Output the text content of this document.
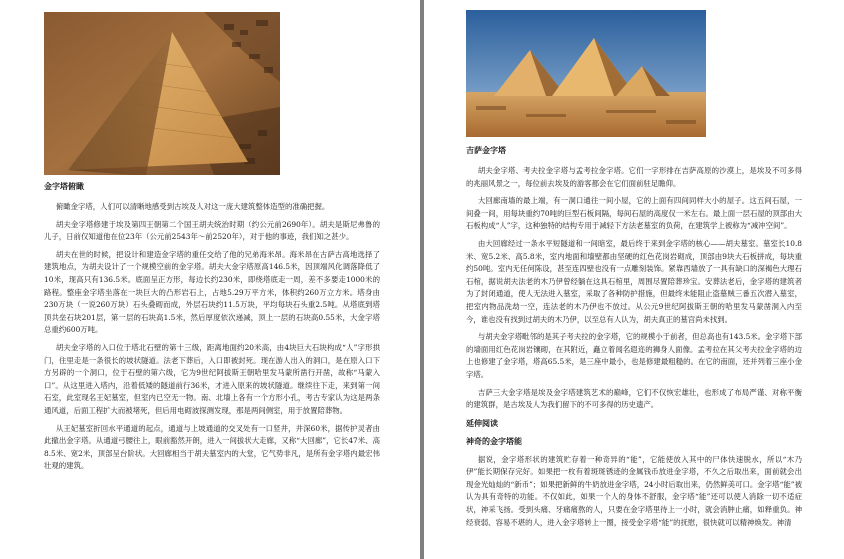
金字塔俯瞰

俯瞰金字塔，人们可以清晰地感受到古埃及人对这一庞大建筑整体造型的准确把握。

胡夫金字塔修建于埃及第四王朝第二个国王胡夫统治时期（约公元前2690年）。胡夫是斯尼弗鲁的儿子，日前仅知道他在位23年（公元前2543年～前2520年），对于他的事迹，我们知之甚少。

胡夫在世的时候，把设计和建造金字塔的重任交给了他的兄弟海米昂。海米昂在古萨古高地选择了建筑地点，为胡夫设计了一个规模空前的金字塔。胡夫大金字塔原高146.5米，因顶端风化调落降低了10米，现高只有136.5米。底面呈正方形，每边长约230米，即绕塔底走一周，差不多要走1000米的路程。整座金字塔坐落在一块巨大的凸形岩石上，占地5.29万平方米，体积约260万立方米。塔身由230万块（一说260万块）石头叠砌而成，外层石块约11.5万块，平均每块石头重2.5吨。从塔底到塔顶共垒石块201层，第一层的石块高1.5米，然后厚度依次递减，顶上一层的石块高0.55米，大金字塔总重约600万吨。

胡夫金字塔的入口位于塔北石壁的第十三级，距离地面约20米高，由4块巨大石块构成“人”字形拱门，住里走是一条很长的坡状隧道。法老下葬后，入口即被封死。现在游人出入的洞口，是在原入口下方另辟的一个洞口，位于石壁的第六级，它为9世纪阿拔斯王朝哈里发马蒙所凿行开凿，故称“马蒙入口”。从这里进入塔内，沿着低矮的隧道前行36米，才进入原来的坡状隧道。继续往下走，来到第一间石室，此室现名王妃墓室，但室内已空无一物。南、北墙上各有一个方形小孔，考古专家认为这是两条通风道，后面工程扩大而被堵死，但后用电砌波探测发现，那是两间侧室，用于放置陪葬物。

从王妃墓室折回水平通道的起点，通道与上坡通道的交叉处有一口竖井，井深60米，据传护灵者由此撤出金字塔。从通道弓腰往上，眼前豁然开朗，进入一间拔状大走廊，又称“大回廊”，它长47米、高8.5米、宽2米，顶部呈台阶状。大回廊相当于胡夫墓室内的大堂，它气势非凡，是所有金字塔内最宏伟壮观的建筑。

吉萨金字塔

胡夫金字塔、考夫拉金字塔与孟考拉金字塔。它们一字形排在吉萨高原的沙漠上，是埃及不可多得的兆丽风景之一，每位前去埃及的游客都会在它们面前驻足瞻仰。

大回廊南墙的最上端，有一洞口通往一间小屋，它的上面有四间同样大小的屋子。这五间石屋，一间叠一间，用每块重约70吨的巨型石板间隔，每间石屋的高度仅一米左右。最上面一层石屋的顶部由大石板构成“人”字，这种独特的结构专用于减轻下方法老墓室的负荷，在建筑学上被称为“减冲空间”。

由大回廊经过一条水平短隧道和一间暗室，最后终于来到金字塔的核心——胡夫墓室。墓室长10.8米、宽5.2米、高5.8米，室内地面和墙壁都由坚硬的红色花岗岩砌成，顶部由9块大石板拼成，每块重约50吨。室内无任何陈设，甚至连四壁也没有一点雕刻装饰。紧靠西墙放了一具有缺口的深褐色大理石石棺，据说胡夫法老的木乃伊曾经躺在这具石棺里，周围尽置陪葬珍宝。安葬法老后，金字塔的建筑者为了封闭通道，使人无法进入墓室，采取了各种防护措施，但最终未能阻止盗墓贼三番五次潜入墓室，把室内物品洗劫一空，连法老的木乃伊也不放过。从公元9世纪阿拔斯王朝的哈里发马蒙凿洞入内至今，谁也没有找到过胡夫的木乃伊，以至总有人认为，胡夫真正的墓宫尚未找到。

与胡夫金字塔毗邻的是其子考夫拉的金字塔，它的规模小于前者，但总高也有143.5米。金字塔下部的墙面用红色花岗岩镶砌，在其附近，矗立着闻名遐迩的狮身人面像。孟考拉在其父考夫拉金字塔的边上也修建了金字塔，塔高65.5米，是三座中最小，也是修建最粗糙的。在它的南面，还并列着三座小金字塔。

吉萨三大金字塔是埃及金字塔建筑艺术的巅峰，它们不仅恢宏雄壮，也形成了布局严谨、对称平衡的建筑群，是古埃及人为我们留下的不可多得的历史遗产。

延伸阅读
神奇的金字塔能

据说，金字塔形状的建筑贮存着一种奇异的“能”，它能使放入其中的尸体快速脱水，所以“木乃伊”能长期保存完好。如果把一枚有着斑斑锈迹的金属钱币放进金字塔，不久之后取出来，面前就会出现金光灿灿的“新币”；如果把新鲜的牛奶放进金字塔，24小时后取出来，仍然鲜美可口。金字塔“能”被认为具有奇特的功能。不仅如此，如果一个人的身体不舒服，金字塔“能”还可以使人消除一切不适症状，神采飞扬。受到头痛、牙痛痛熬的人，只要在金字塔里待上一小时，就会消肿止痛，如释重负。神经衰弱、容易不堪的人，进入金字塔转上一圈，接受金字塔“能”的抚慰，很快就可以精神焕发。神清
